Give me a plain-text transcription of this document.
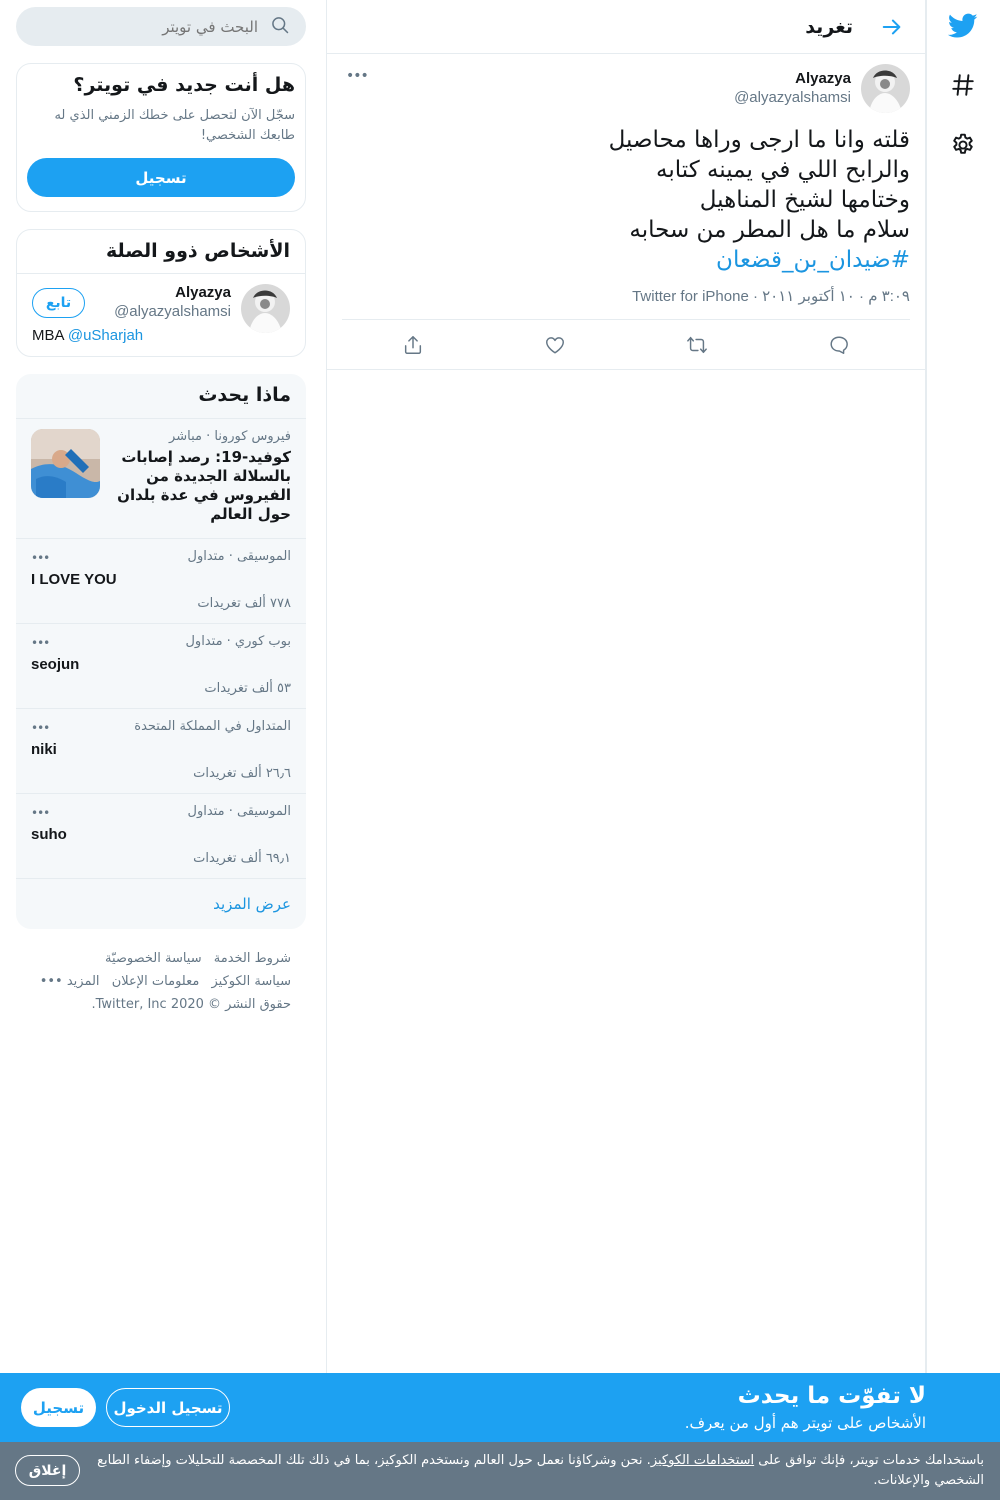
تغريد
Alyazya
@alyazyalshamsi
•••
قلته وانا ما ارجى وراها محاصيل
والرابح اللي في يمينه كتابه
وختامها لشيخ المناهيل
سلام ما هل المطر من سحابه
#ضيدان_بن_قضعان
٣:٠٩ م · ١٠ أكتوبر ٢٠١١ · Twitter for iPhone
البحث في تويتر
هل أنت جديد في تويتر؟
سجّل الآن لتحصل على خطك الزمني الذي له طابعك الشخصي!
تسجيل
الأشخاص ذوو الصلة
Alyazya
@alyazyalshamsi
تابع
MBA @uSharjah
ماذا يحدث
فيروس كورونا · مباشر
كوفيد-19: رصد إصابات بالسلالة الجديدة من الفيروس في عدة بلدان حول العالم
الموسيقى · متداول
•••
I LOVE YOU
٧٧٨ ألف تغريدات
بوب كوري · متداول
•••
seojun
٥٣ ألف تغريدات
المتداول في المملكة المتحدة
•••
niki
٢٦٫٦ ألف تغريدات
الموسيقى · متداول
•••
suho
٦٩٫١ ألف تغريدات
عرض المزيد
شروط الخدمة سياسة الخصوصيّة
سياسة الكوكيز معلومات الإعلان المزيد •••
حقوق النشر © 2020 Twitter, Inc.
لا تفوّت ما يحدث
الأشخاص على تويتر هم أول من يعرف.
تسجيل الدخول
تسجيل
باستخدامك خدمات تويتر، فإنك توافق على استخدامات الكوكيز. نحن وشركاؤنا نعمل حول العالم ونستخدم الكوكيز، بما في ذلك تلك المخصصة للتحليلات وإضفاء الطابع الشخصي والإعلانات.
إغلاق
